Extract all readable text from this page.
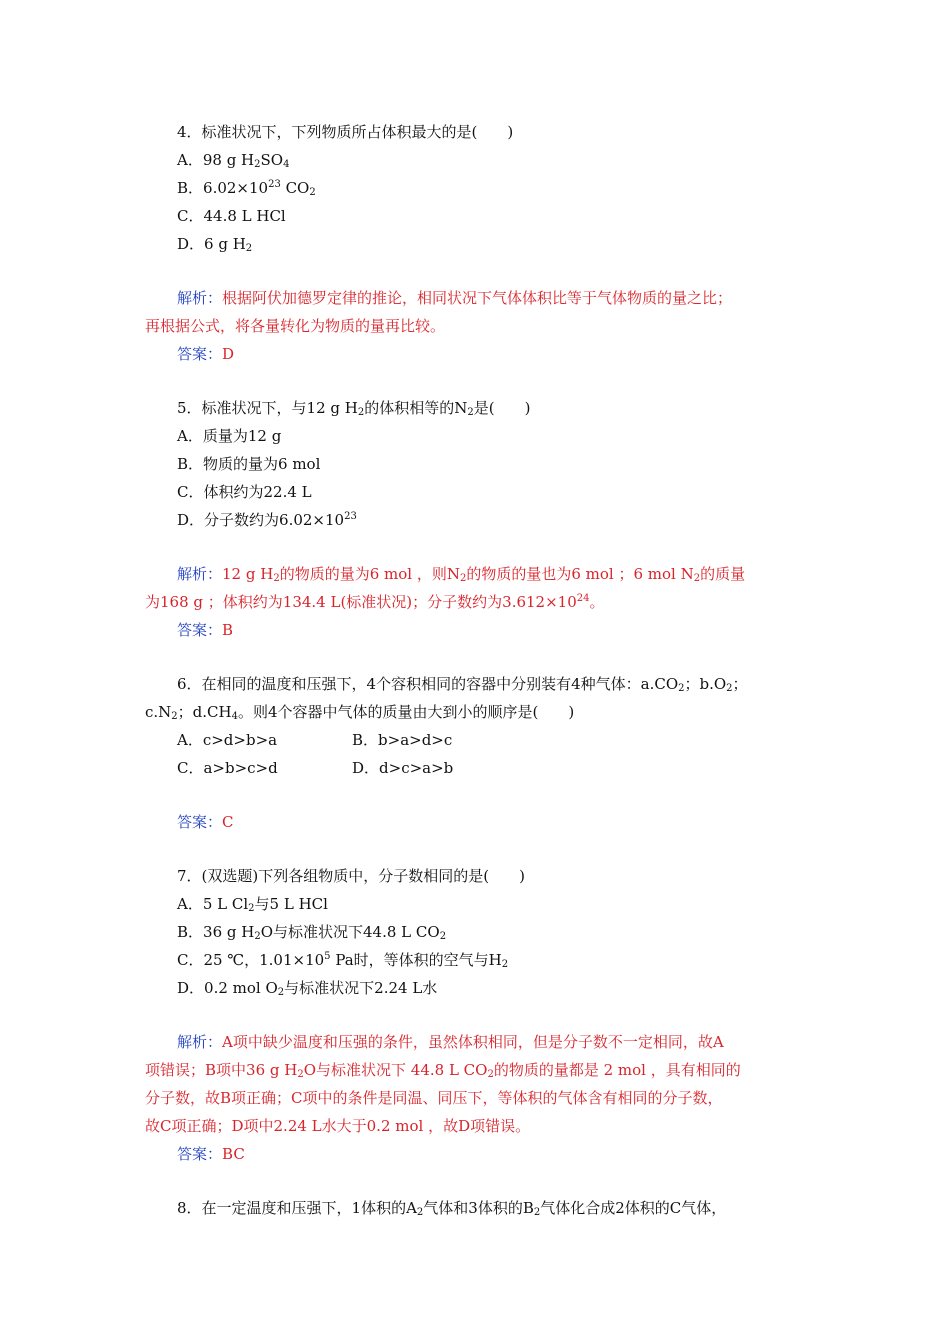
4．标准状况下，下列物质所占体积最大的是(　　)
A．98 g $H_2SO_4$
B．$6.02\times 10^{23}$ $CO_2$
C．44.8 L HCl
D．6 g $H_2$
解析：根据阿伏加德罗定律的推论，相同状况下气体体积比等于气体物质的量之比；
再根据公式，将各量转化为物质的量再比较。
答案：D
5．标准状况下，与12 g $H_2$的体积相等的$N_2$是(　　)
A．质量为12 g
B．物质的量为6 mol
C．体积约为22.4 L
D．分子数约为$6.02\times 10^{23}$
解析：12 g $H_2$的物质的量为6 mol ，则$N_2$的物质的量也为6 mol ；6 mol $N_2$的质量
为168 g ；体积约为134.4 L(标准状况)；分子数约为$3.612\times 10^{24}$。
答案：B
6．在相同的温度和压强下，4个容积相同的容器中分别装有4种气体：$a.CO_2$；$b.O_2$；
$c.N_2$；$d.CH_4$。则4个容器中气体的质量由大到小的顺序是(　　)
A．c>d>b>a	B．b>a>d>c
C．a>b>c>d	D．d>c>a>b
答案：C
7．(双选题)下列各组物质中，分子数相同的是(　　)
A．5 L $Cl_2$与5 L HCl
B．36 g $H_2O$与标准状况下44.8 L $CO_2$
C．25 ℃，$1.01\times 10^5$ Pa时，等体积的空气与$H_2$
D．0.2 mol $O_2$与标准状况下2.24 L水
解析：A项中缺少温度和压强的条件，虽然体积相同，但是分子数不一定相同，故A
项错误；B项中36 g $H_2O$与标准状况下 44.8 L $CO_2$的物质的量都是 2 mol ，具有相同的
分子数，故B项正确；C项中的条件是同温、同压下，等体积的气体含有相同的分子数，
故C项正确；D项中2.24 L水大于0.2 mol ，故D项错误。
答案：BC
8．在一定温度和压强下，1体积的$A_2$气体和3体积的$B_2$气体化合成2体积的C气体，
